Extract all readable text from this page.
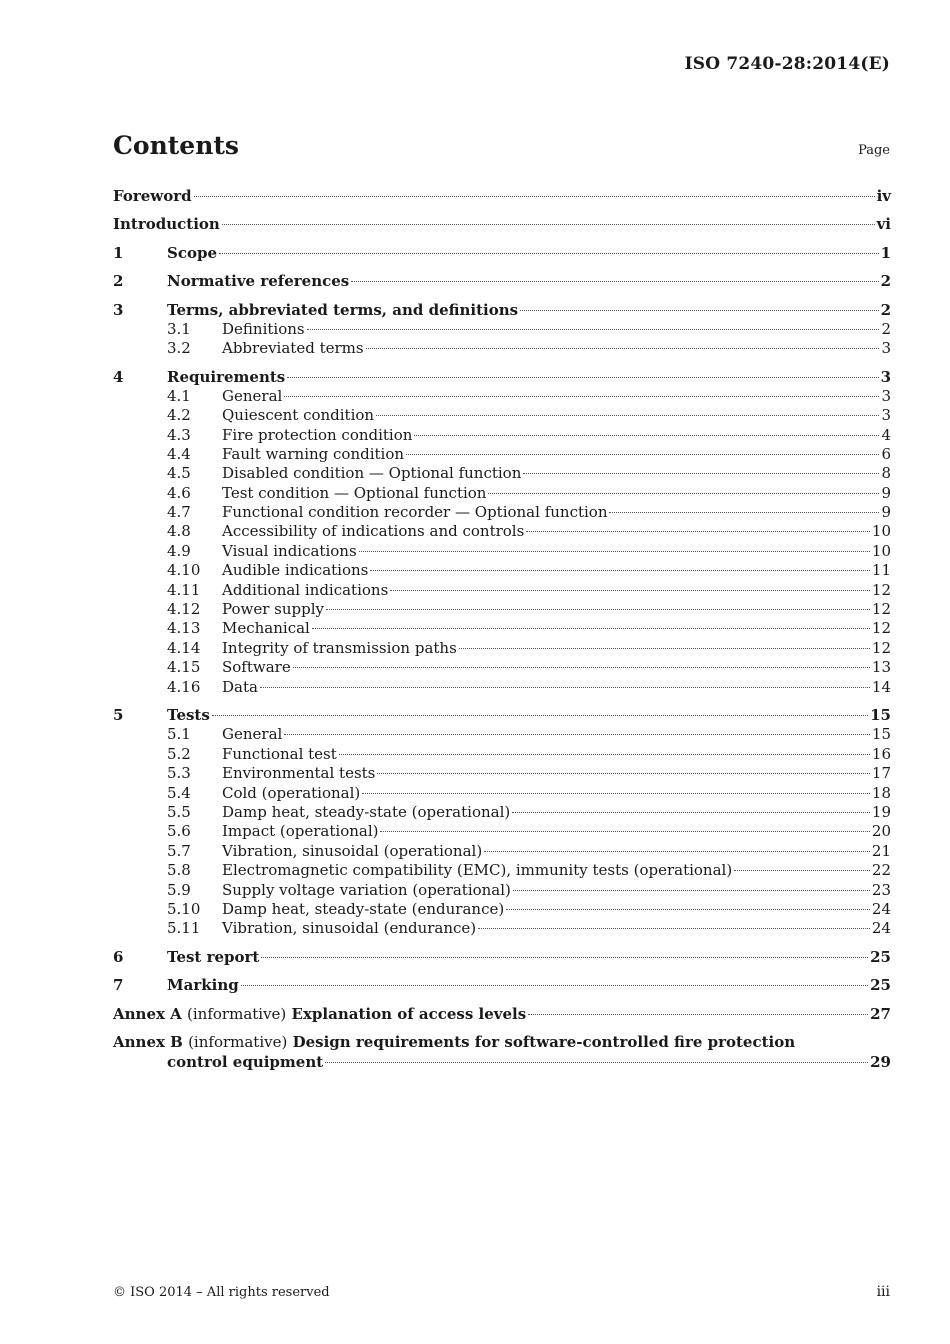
ISO 7240-28:2014(E)
Contents	Page
Foreword	iv
Introduction	vi
1	Scope	1
2	Normative references	2
3	Terms, abbreviated terms, and definitions	2
3.1	Definitions	2
3.2	Abbreviated terms	3
4	Requirements	3
4.1	General	3
4.2	Quiescent condition	3
4.3	Fire protection condition	4
4.4	Fault warning condition	6
4.5	Disabled condition — Optional function	8
4.6	Test condition — Optional function	9
4.7	Functional condition recorder — Optional function	9
4.8	Accessibility of indications and controls	10
4.9	Visual indications	10
4.10	Audible indications	11
4.11	Additional indications	12
4.12	Power supply	12
4.13	Mechanical	12
4.14	Integrity of transmission paths	12
4.15	Software	13
4.16	Data	14
5	Tests	15
5.1	General	15
5.2	Functional test	16
5.3	Environmental tests	17
5.4	Cold (operational)	18
5.5	Damp heat, steady-state (operational)	19
5.6	Impact (operational)	20
5.7	Vibration, sinusoidal (operational)	21
5.8	Electromagnetic compatibility (EMC), immunity tests (operational)	22
5.9	Supply voltage variation (operational)	23
5.10	Damp heat, steady-state (endurance)	24
5.11	Vibration, sinusoidal (endurance)	24
6	Test report	25
7	Marking	25
Annex A (informative) Explanation of access levels	27
Annex B (informative) Design requirements for software-controlled fire protection
control equipment	29
© ISO 2014 – All rights reserved	iii
